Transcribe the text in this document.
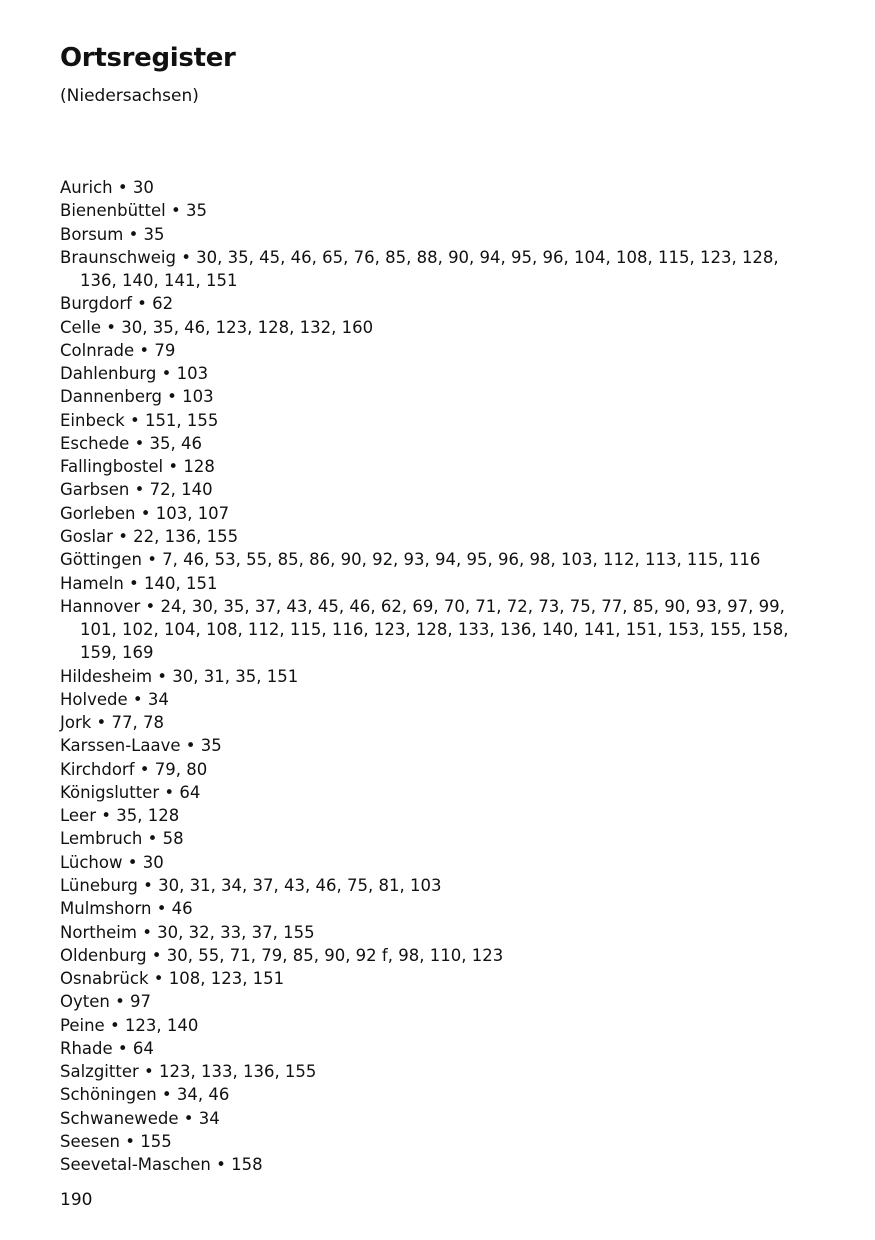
Ortsregister
(Niedersachsen)
Aurich • 30
Bienenbüttel • 35
Borsum • 35
Braunschweig • 30, 35, 45, 46, 65, 76, 85, 88, 90, 94, 95, 96, 104, 108, 115, 123, 128, 136, 140, 141, 151
Burgdorf • 62
Celle • 30, 35, 46, 123, 128, 132, 160
Colnrade • 79
Dahlenburg • 103
Dannenberg • 103
Einbeck • 151, 155
Eschede • 35, 46
Fallingbostel • 128
Garbsen • 72, 140
Gorleben • 103, 107
Goslar • 22, 136, 155
Göttingen • 7, 46, 53, 55, 85, 86, 90, 92, 93, 94, 95, 96, 98, 103, 112, 113, 115, 116
Hameln • 140, 151
Hannover • 24, 30, 35, 37, 43, 45, 46, 62, 69, 70, 71, 72, 73, 75, 77, 85, 90, 93, 97, 99, 101, 102, 104, 108, 112, 115, 116, 123, 128, 133, 136, 140, 141, 151, 153, 155, 158, 159, 169
Hildesheim • 30, 31, 35, 151
Holvede • 34
Jork • 77, 78
Karssen-Laave • 35
Kirchdorf • 79, 80
Königslutter • 64
Leer • 35, 128
Lembruch • 58
Lüchow • 30
Lüneburg • 30, 31, 34, 37, 43, 46, 75, 81, 103
Mulmshorn • 46
Northeim • 30, 32, 33, 37, 155
Oldenburg • 30, 55, 71, 79, 85, 90, 92 f, 98, 110, 123
Osnabrück • 108, 123, 151
Oyten • 97
Peine • 123, 140
Rhade • 64
Salzgitter • 123, 133, 136, 155
Schöningen • 34, 46
Schwanewede • 34
Seesen • 155
Seevetal-Maschen • 158
190
